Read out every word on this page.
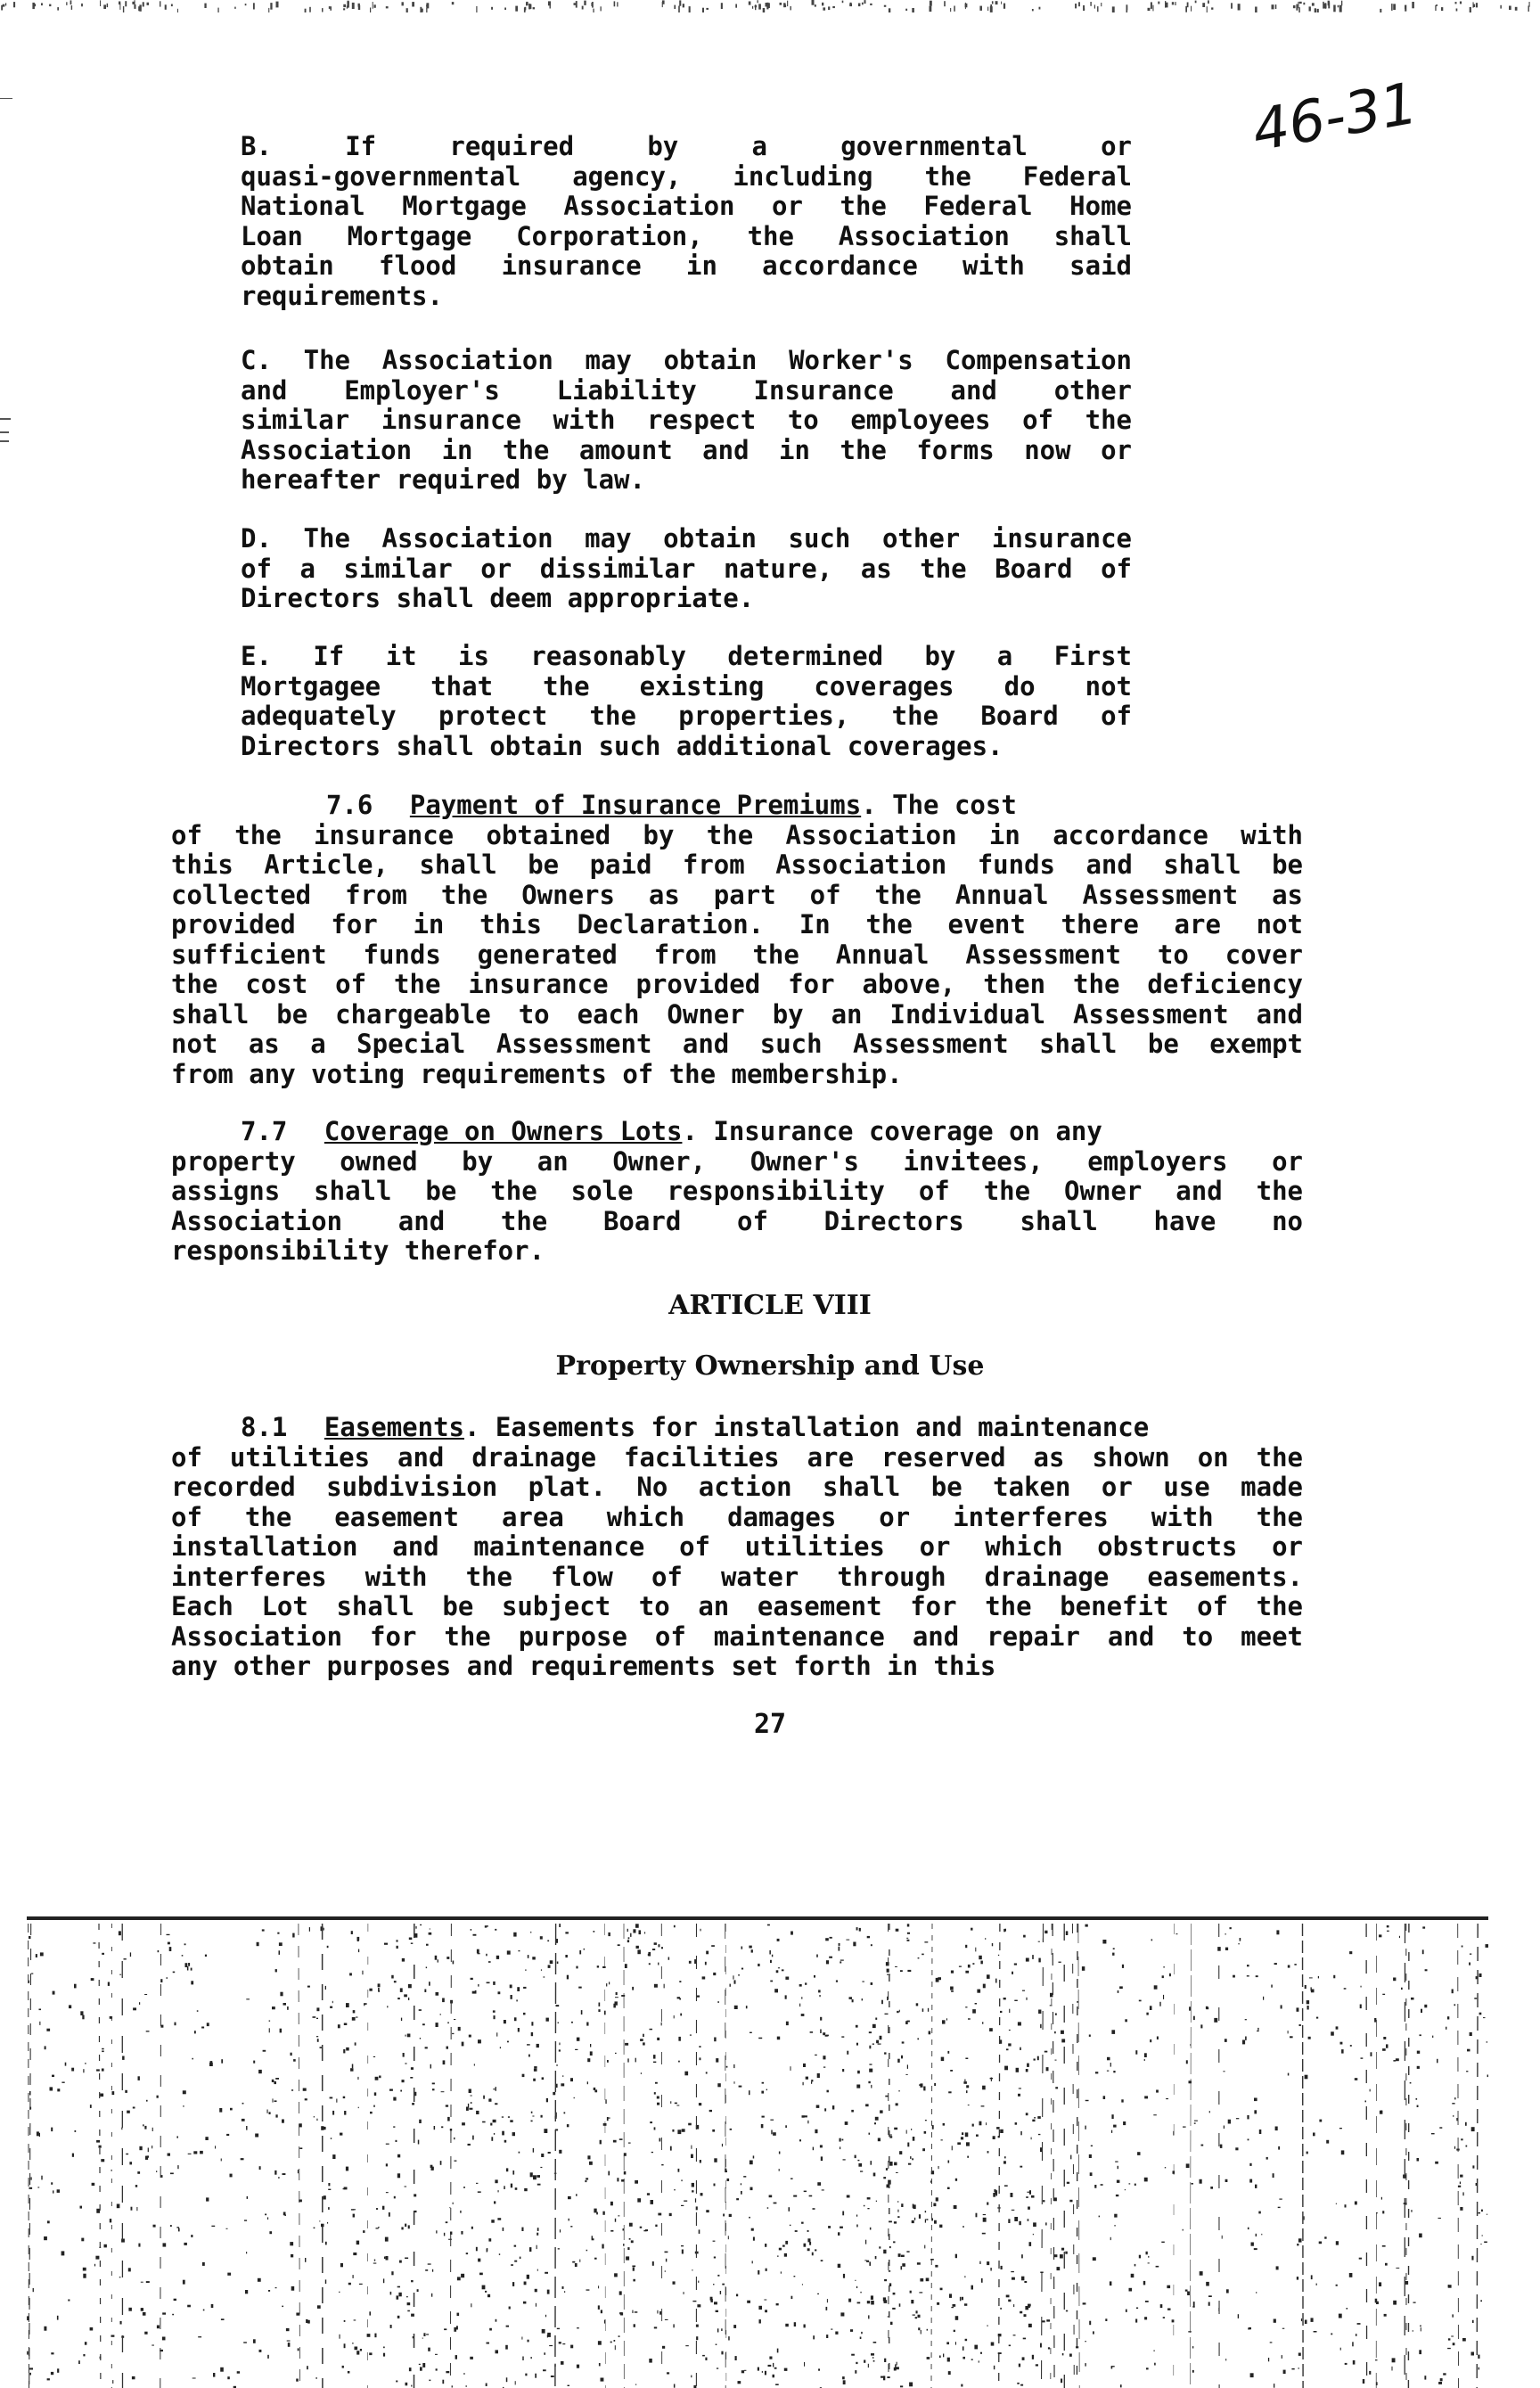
46-31
B. If required by a governmental or
quasi-governmental agency, including the Federal
National Mortgage Association or the Federal Home
Loan Mortgage Corporation, the Association shall
obtain flood insurance in accordance with said
requirements.
C. The Association may obtain Worker's Compensation
and Employer's Liability Insurance and other
similar insurance with respect to employees of the
Association in the amount and in the forms now or
hereafter required by law.
D. The Association may obtain such other insurance
of a similar or dissimilar nature, as the Board of
Directors shall deem appropriate.
E. If it is reasonably determined by a First
Mortgagee that the existing coverages do not
adequately protect the properties, the Board of
Directors shall obtain such additional coverages.
7.6 Payment of Insurance Premiums. The cost
of the insurance obtained by the Association in accordance with
this Article, shall be paid from Association funds and shall be
collected from the Owners as part of the Annual Assessment as
provided for in this Declaration. In the event there are not
sufficient funds generated from the Annual Assessment to cover
the cost of the insurance provided for above, then the deficiency
shall be chargeable to each Owner by an Individual Assessment and
not as a Special Assessment and such Assessment shall be exempt
from any voting requirements of the membership.
7.7 Coverage on Owners Lots. Insurance coverage on any
property owned by an Owner, Owner's invitees, employers or
assigns shall be the sole responsibility of the Owner and the
Association and the Board of Directors shall have no
responsibility therefor.
ARTICLE VIII
Property Ownership and Use
8.1 Easements. Easements for installation and maintenance
of utilities and drainage facilities are reserved as shown on the
recorded subdivision plat. No action shall be taken or use made
of the easement area which damages or interferes with the
installation and maintenance of utilities or which obstructs or
interferes with the flow of water through drainage easements.
Each Lot shall be subject to an easement for the benefit of the
Association for the purpose of maintenance and repair and to meet
any other purposes and requirements set forth in this
27
